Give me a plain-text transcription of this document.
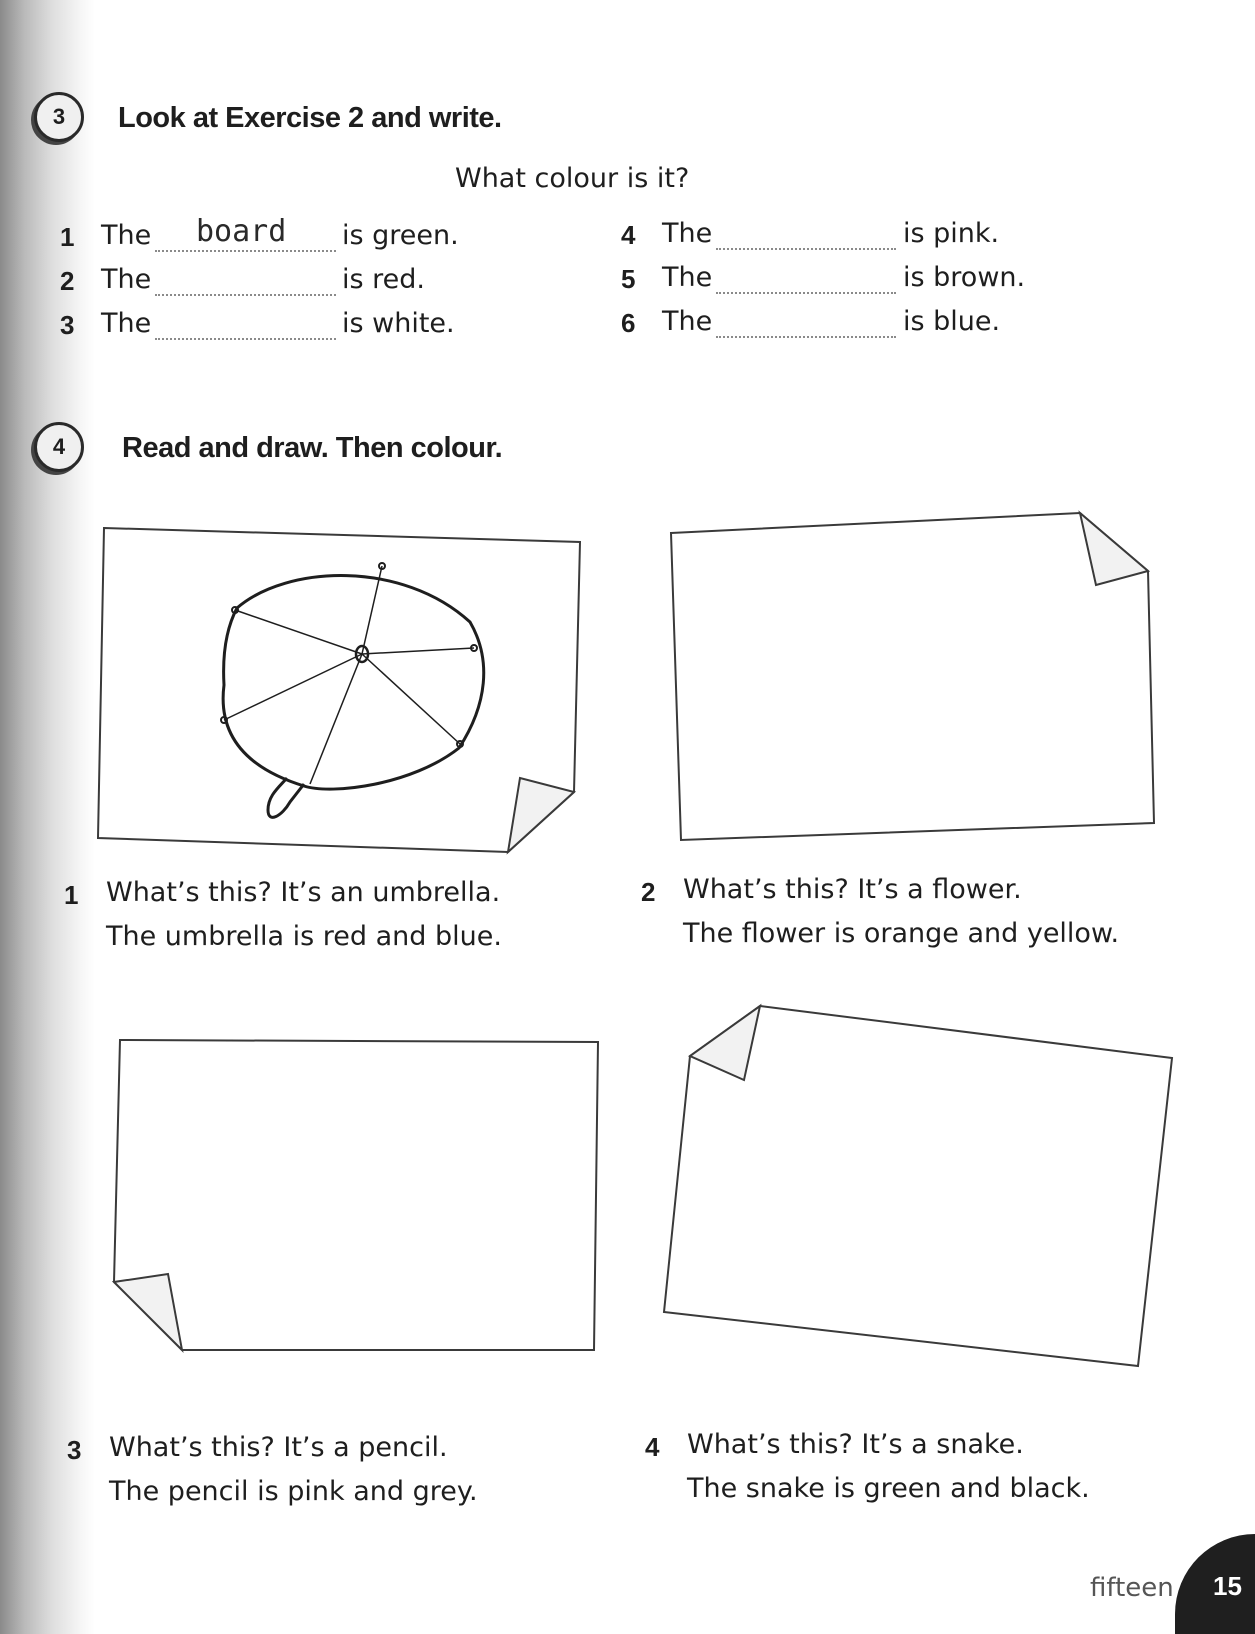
3 Look at Exercise 2 and write.
What colour is it?
1 The board is green.
2 The	is red.
3 The	is white.
4 The	is pink.
5 The	is brown.
6 The	is blue.
4 Read and draw. Then colour.
1 What’s this? It’s an umbrella.
The umbrella is red and blue.
2 What’s this? It’s a flower.
The flower is orange and yellow.
3 What’s this? It’s a pencil.
The pencil is pink and grey.
4 What’s this? It’s a snake.
The snake is green and black.
fifteen 15
